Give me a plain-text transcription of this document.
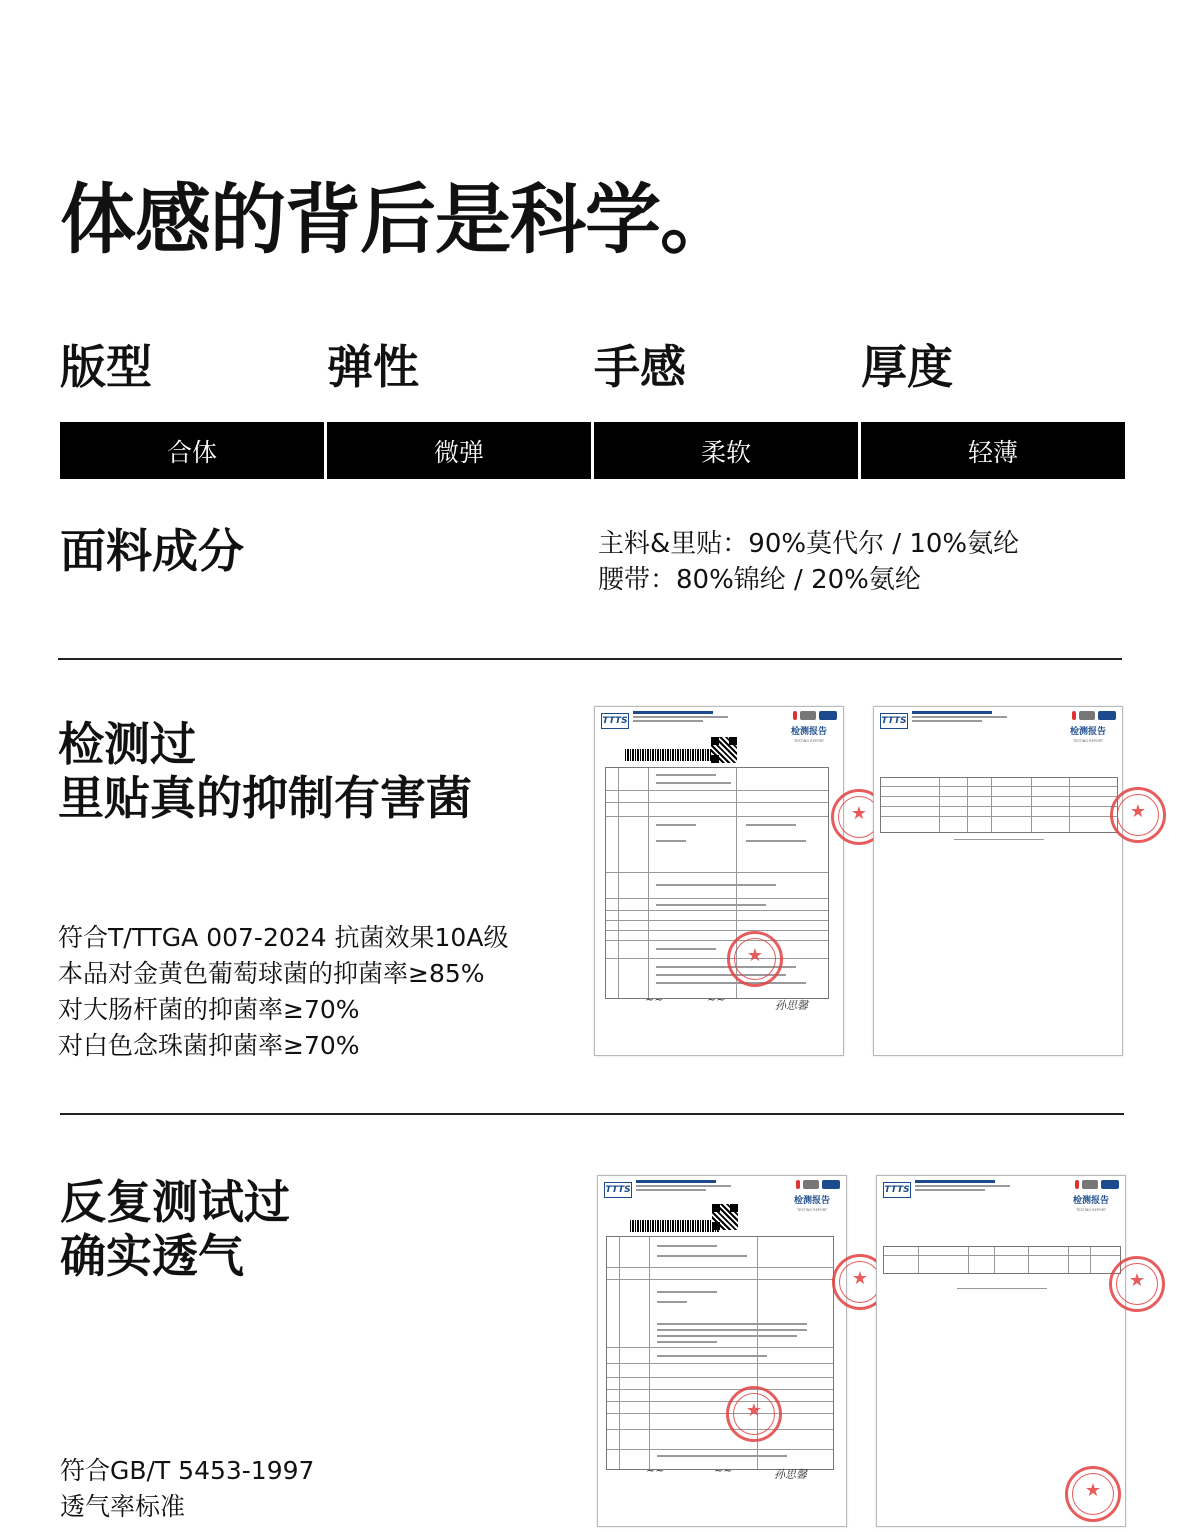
体感的背后是科学。
版型	弹性	手感	厚度
合体	微弹	柔软	轻薄
面料成分	主料&里贴：90%莫代尔 / 10%氨纶
腰带：80%锦纶 / 20%氨纶
检测过
里贴真的抑制有害菌
符合T/TTGA 007-2024 抗菌效果10A级
本品对金黄色葡萄球菌的抑菌率≥85%
对大肠杆菌的抑菌率≥70%
对白色念珠菌抑菌率≥70%
TTTS
检测报告
TESTING REPORT
★
★
~~	~~	孙思馨
TTTS
检测报告
TESTING REPORT
★
反复测试过
确实透气
符合GB/T 5453-1997
透气率标准
TTTS
检测报告
TESTING REPORT
★
★
~~	~~	孙思馨
TTTS
检测报告
TESTING REPORT
★
★
